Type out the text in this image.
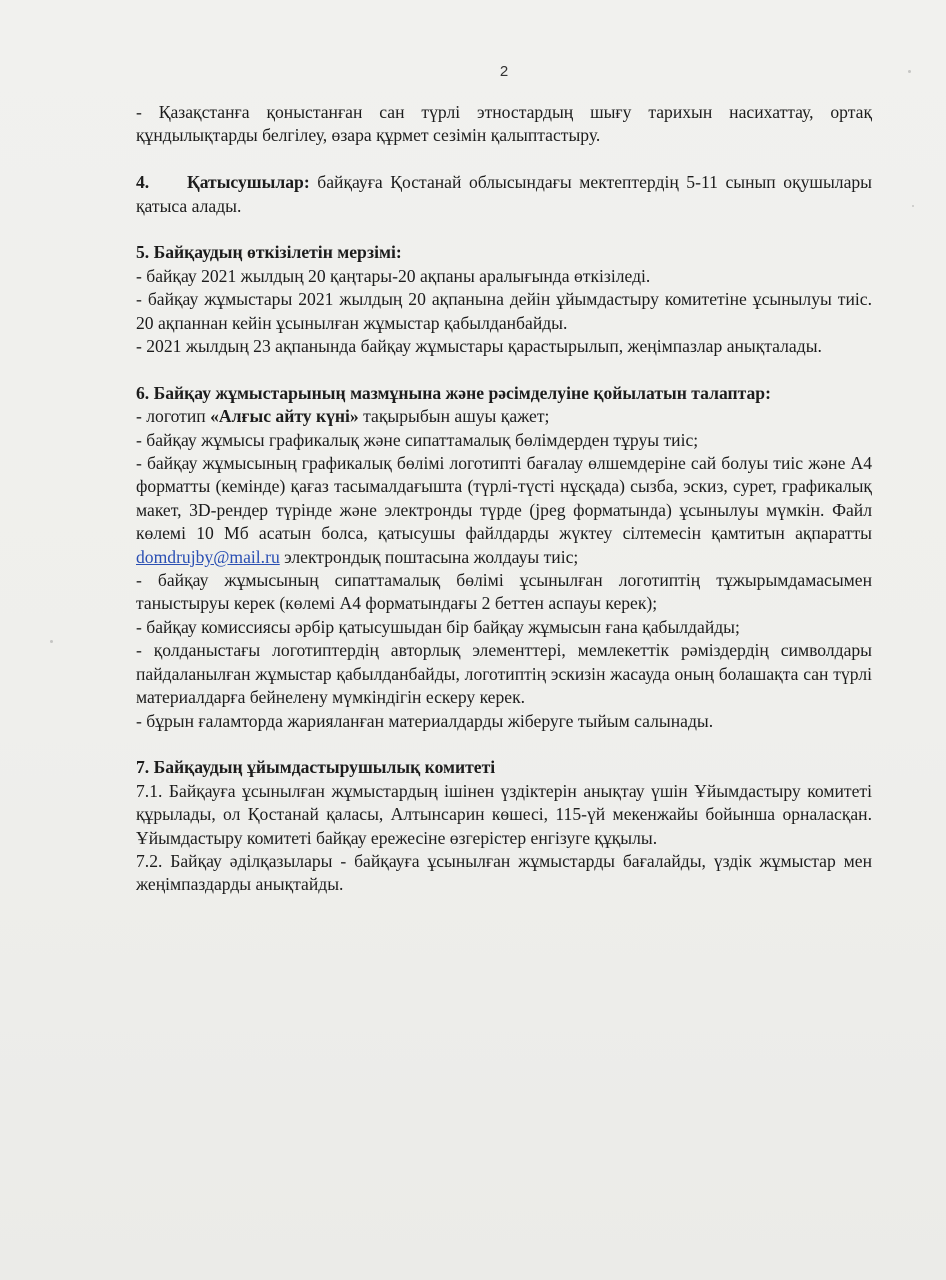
2

- Қазақстанға қоныстанған сан түрлі этностардың шығу тарихын насихаттау, ортақ құндылықтарды белгілеу, өзара құрмет сезімін қалыптастыру.

4. Қатысушылар: байқауға Қостанай облысындағы мектептердің 5-11 сынып оқушылары қатыса алады.

5. Байқаудың өткізілетін мерзімі:

- байқау 2021 жылдың 20 қаңтары-20 ақпаны аралығында өткізіледі.

- байқау жұмыстары 2021 жылдың 20 ақпанына дейін ұйымдастыру комитетіне ұсынылуы тиіс. 20 ақпаннан кейін ұсынылған жұмыстар қабылданбайды.

- 2021 жылдың 23 ақпанында байқау жұмыстары қарастырылып, жеңімпазлар анықталады.

6. Байқау жұмыстарының мазмұнына және рәсімделуіне қойылатын талаптар:

- логотип «Алғыс айту күні» тақырыбын ашуы қажет;

- байқау жұмысы графикалық және сипаттамалық бөлімдерден тұруы тиіс;

- байқау жұмысының графикалық бөлімі логотипті бағалау өлшемдеріне сай болуы тиіс және А4 форматты (кемінде) қағаз тасымалдағышта (түрлі-түсті нұсқада) сызба, эскиз, сурет, графикалық макет, 3D-рендер түрінде және электронды түрде (jpeg форматында) ұсынылуы мүмкін. Файл көлемі 10 Мб асатын болса, қатысушы файлдарды жүктеу сілтемесін қамтитын ақпаратты domdrujby@mail.ru электрондық поштасына жолдауы тиіс;

- байқау жұмысының сипаттамалық бөлімі ұсынылған логотиптің тұжырымдамасымен таныстыруы керек (көлемі А4 форматындағы 2 беттен аспауы керек);

- байқау комиссиясы әрбір қатысушыдан бір байқау жұмысын ғана қабылдайды;

- қолданыстағы логотиптердің авторлық элементтері, мемлекеттік рәміздердің символдары пайдаланылған жұмыстар қабылданбайды, логотиптің эскизін жасауда оның болашақта сан түрлі материалдарға бейнелену мүмкіндігін ескеру керек.

- бұрын ғаламторда жарияланған материалдарды жіберуге тыйым салынады.

7. Байқаудың ұйымдастырушылық комитеті

7.1. Байқауға ұсынылған жұмыстардың ішінен үздіктерін анықтау үшін Ұйымдастыру комитеті құрылады, ол Қостанай қаласы, Алтынсарин көшесі, 115-үй мекенжайы бойынша орналасқан. Ұйымдастыру комитеті байқау ережесіне өзгерістер енгізуге құқылы.

7.2. Байқау әділқазылары - байқауға ұсынылған жұмыстарды бағалайды, үздік жұмыстар мен жеңімпаздарды анықтайды.
